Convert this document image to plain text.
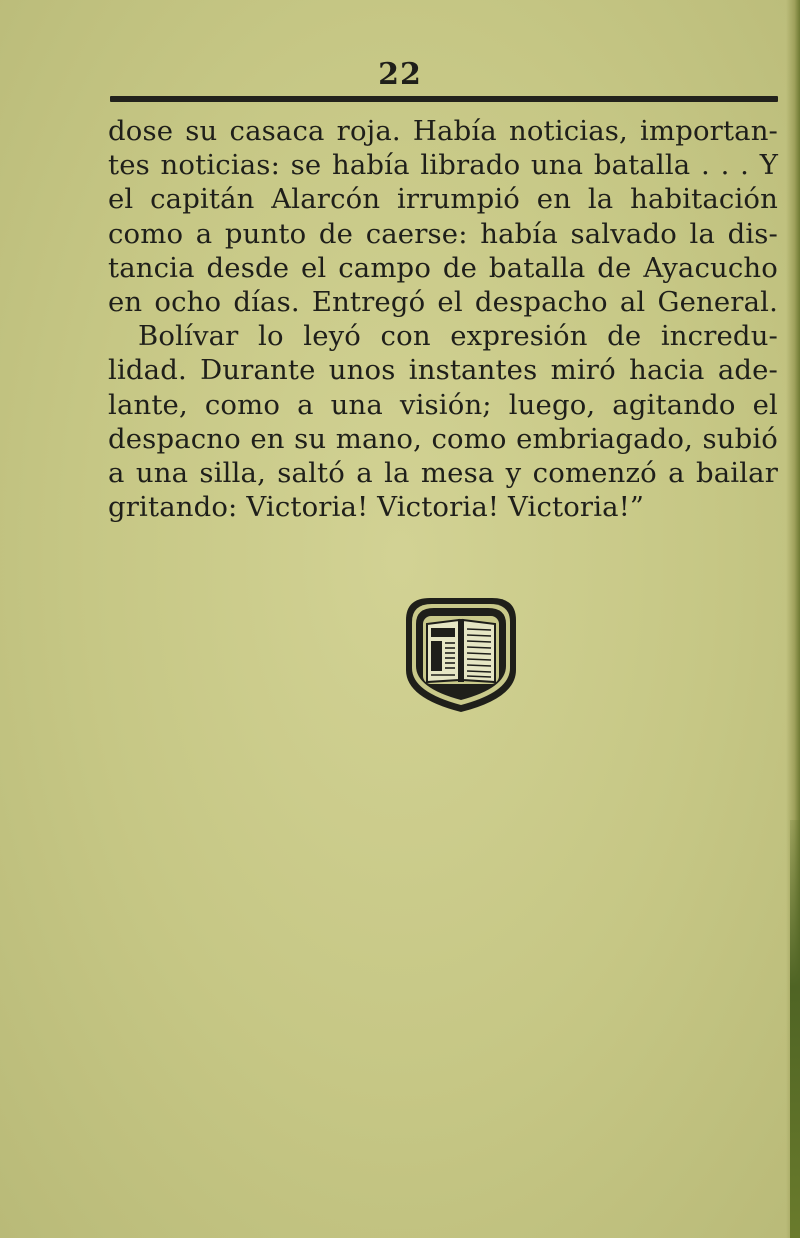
22
dose su casaca roja. Había noticias, importan-
tes noticias: se había librado una batalla . . . Y
el capitán Alarcón irrumpió en la habitación
como a punto de caerse: había salvado la dis-
tancia desde el campo de batalla de Ayacucho
en ocho días. Entregó el despacho al General.
Bolívar lo leyó con expresión de incredu-
lidad. Durante unos instantes miró hacia ade-
lante, como a una visión; luego, agitando el
despacno en su mano, como embriagado, subió
a una silla, saltó a la mesa y comenzó a bailar
gritando: Victoria! Victoria! Victoria!”
